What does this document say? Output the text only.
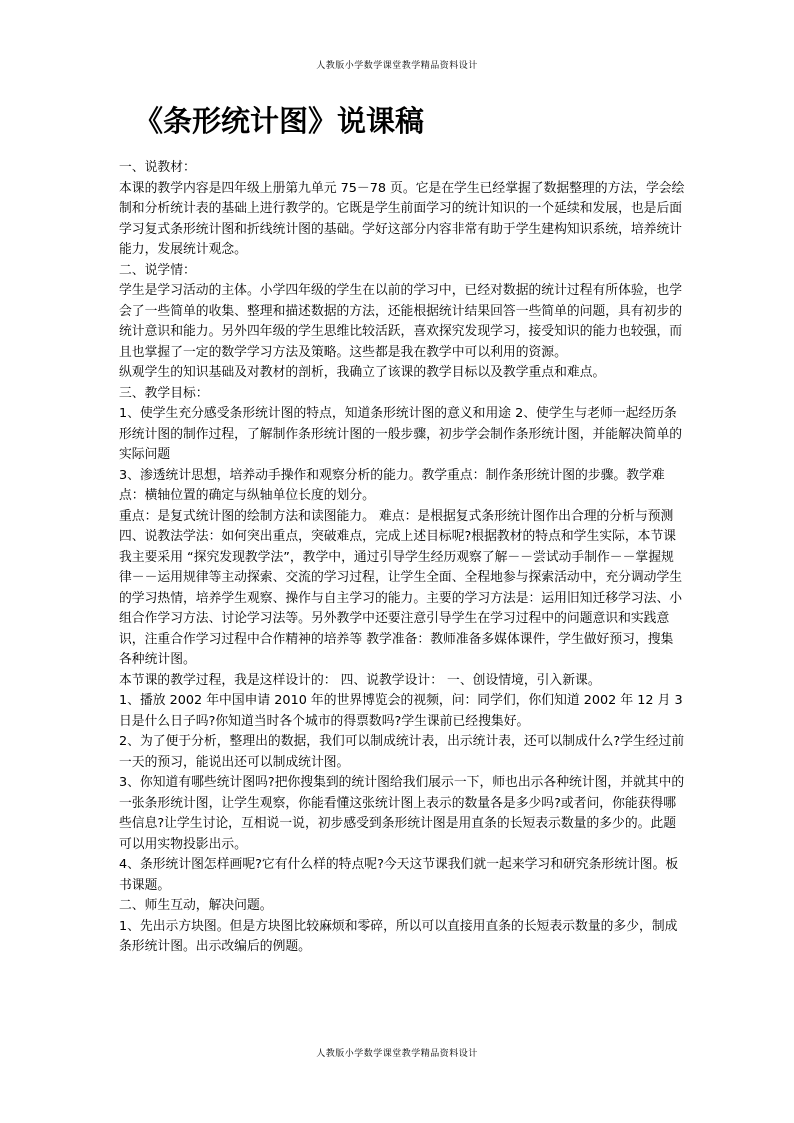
人教版小学数学课堂教学精品资料设计
《条形统计图》说课稿

一、说教材：

本课的教学内容是四年级上册第九单元 75－78 页。它是在学生已经掌握了数据整理的方法，学会绘制和分析统计表的基础上进行教学的。它既是学生前面学习的统计知识的一个延续和发展，也是后面学习复式条形统计图和折线统计图的基础。学好这部分内容非常有助于学生建构知识系统，培养统计能力，发展统计观念。

二、说学情：

学生是学习活动的主体。小学四年级的学生在以前的学习中，已经对数据的统计过程有所体验，也学会了一些简单的收集、整理和描述数据的方法，还能根据统计结果回答一些简单的问题，具有初步的统计意识和能力。另外四年级的学生思维比较活跃，喜欢探究发现学习，接受知识的能力也较强，而且也掌握了一定的数学学习方法及策略。这些都是我在教学中可以利用的资源。

纵观学生的知识基础及对教材的剖析，我确立了该课的教学目标以及教学重点和难点。

三、教学目标：

1、使学生充分感受条形统计图的特点，知道条形统计图的意义和用途 2、使学生与老师一起经历条形统计图的制作过程，了解制作条形统计图的一般步骤，初步学会制作条形统计图，并能解决简单的实际问题

3、渗透统计思想，培养动手操作和观察分析的能力。教学重点：制作条形统计图的步骤。教学难点：横轴位置的确定与纵轴单位长度的划分。

重点：是复式统计图的绘制方法和读图能力。 难点：是根据复式条形统计图作出合理的分析与预测

四、说教法学法：如何突出重点，突破难点，完成上述目标呢?根据教材的特点和学生实际，本节课我主要采用 “探究发现教学法”，教学中，通过引导学生经历观察了解－－尝试动手制作－－掌握规律－－运用规律等主动探索、交流的学习过程，让学生全面、全程地参与探索活动中，充分调动学生的学习热情，培养学生观察、操作与自主学习的能力。主要的学习方法是：运用旧知迁移学习法、小组合作学习方法、讨论学习法等。另外教学中还要注意引导学生在学习过程中的问题意识和实践意识，注重合作学习过程中合作精神的培养等 教学准备：教师准备多媒体课件，学生做好预习，搜集各种统计图。

本节课的教学过程，我是这样设计的： 四、说教学设计： 一、创设情境，引入新课。

1、播放 2002 年中国申请 2010 年的世界博览会的视频，问：同学们，你们知道 2002 年 12 月 3 日是什么日子吗?你知道当时各个城市的得票数吗?学生课前已经搜集好。

2、为了便于分析，整理出的数据，我们可以制成统计表，出示统计表，还可以制成什么?学生经过前一天的预习，能说出还可以制成统计图。

3、你知道有哪些统计图吗?把你搜集到的统计图给我们展示一下，师也出示各种统计图，并就其中的一张条形统计图，让学生观察，你能看懂这张统计图上表示的数量各是多少吗?或者问，你能获得哪些信息?让学生讨论，互相说一说，初步感受到条形统计图是用直条的长短表示数量的多少的。此题可以用实物投影出示。

4、条形统计图怎样画呢?它有什么样的特点呢?今天这节课我们就一起来学习和研究条形统计图。板书课题。

二、师生互动，解决问题。

1、先出示方块图。但是方块图比较麻烦和零碎，所以可以直接用直条的长短表示数量的多少，制成条形统计图。出示改编后的例题。

人教版小学数学课堂教学精品资料设计
